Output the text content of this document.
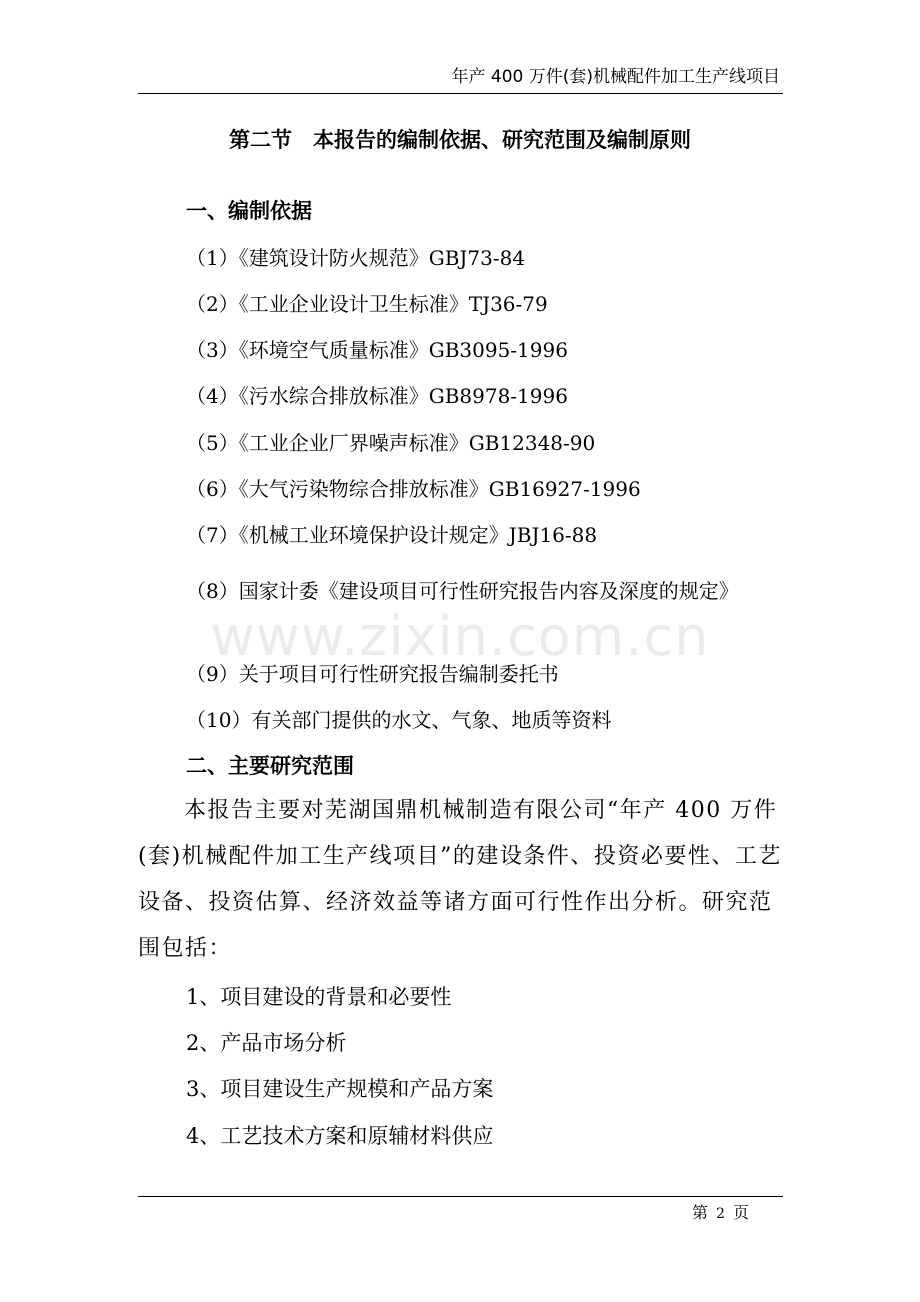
年产 400 万件(套)机械配件加工生产线项目
第二节　本报告的编制依据、研究范围及编制原则
一、编制依据
（1）《建筑设计防火规范》GBJ73-84
（2）《工业企业设计卫生标准》TJ36-79
（3）《环境空气质量标准》GB3095-1996
（4）《污水综合排放标准》GB8978-1996
（5）《工业企业厂界噪声标准》GB12348-90
（6）《大气污染物综合排放标准》GB16927-1996
（7）《机械工业环境保护设计规定》JBJ16-88

（8）国家计委《建设项目可行性研究报告内容及深度的规定》

（9）关于项目可行性研究报告编制委托书
（10）有关部门提供的水文、气象、地质等资料
二、主要研究范围

本报告主要对芜湖国鼎机械制造有限公司“年产 400 万件(套)机械配件加工生产线项目”的建设条件、投资必要性、工艺设备、投资估算、经济效益等诸方面可行性作出分析。研究范围包括：

1、项目建设的背景和必要性
2、产品市场分析
3、项目建设生产规模和产品方案
4、工艺技术方案和原辅材料供应
www.zixin.com.cn
第 2 页
